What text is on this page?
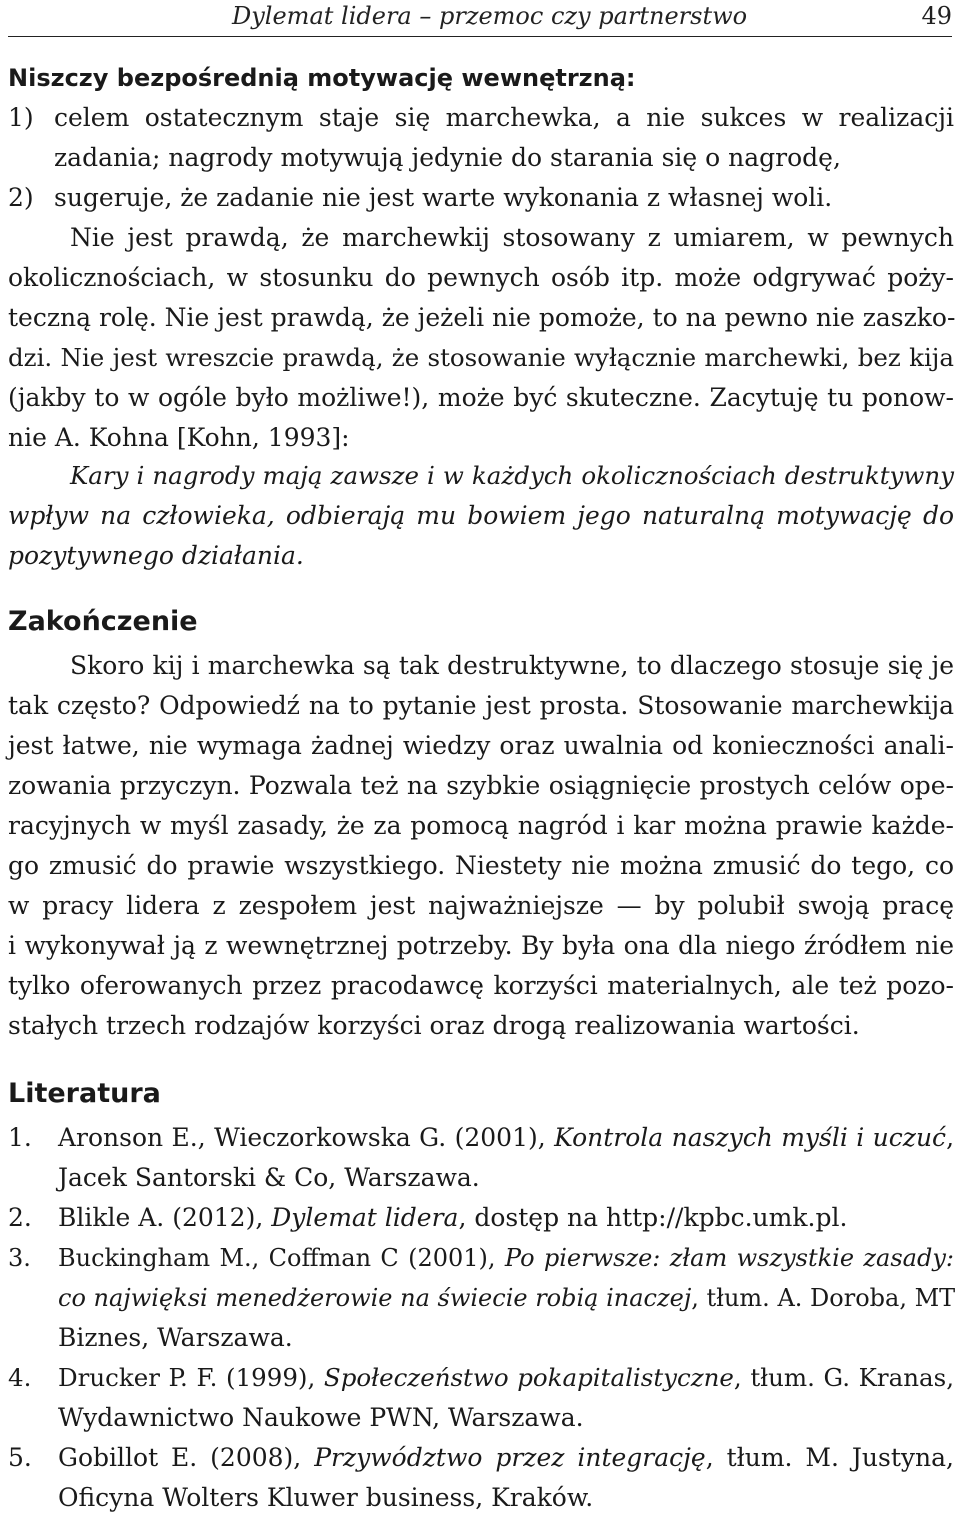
Dylemat lidera – przemoc czy partnerstwo	49
Niszczy bezpośrednią motywację wewnętrzną:
1) celem ostatecznym staje się marchewka, a nie sukces w realizacji
zadania; nagrody motywują jedynie do starania się o nagrodę,
2) sugeruje, że zadanie nie jest warte wykonania z własnej woli.
Nie jest prawdą, że marchewkij stosowany z umiarem, w pewnych
okolicznościach, w stosunku do pewnych osób itp. może odgrywać poży-
teczną rolę. Nie jest prawdą, że jeżeli nie pomoże, to na pewno nie zaszko-
dzi. Nie jest wreszcie prawdą, że stosowanie wyłącznie marchewki, bez kija
(jakby to w ogóle było możliwe!), może być skuteczne. Zacytuję tu ponow-
nie A. Kohna [Kohn, 1993]:
Kary i nagrody mają zawsze i w każdych okolicznościach destruktywny
wpływ na człowieka, odbierają mu bowiem jego naturalną motywację do
pozytywnego działania.
Zakończenie
Skoro kij i marchewka są tak destruktywne, to dlaczego stosuje się je
tak często? Odpowiedź na to pytanie jest prosta. Stosowanie marchewkija
jest łatwe, nie wymaga żadnej wiedzy oraz uwalnia od konieczności anali-
zowania przyczyn. Pozwala też na szybkie osiągnięcie prostych celów ope-
racyjnych w myśl zasady, że za pomocą nagród i kar można prawie każde-
go zmusić do prawie wszystkiego. Niestety nie można zmusić do tego, co
w pracy lidera z zespołem jest najważniejsze — by polubił swoją pracę
i wykonywał ją z wewnętrznej potrzeby. By była ona dla niego źródłem nie
tylko oferowanych przez pracodawcę korzyści materialnych, ale też pozo-
stałych trzech rodzajów korzyści oraz drogą realizowania wartości.
Literatura
1. Aronson E., Wieczorkowska G. (2001), Kontrola naszych myśli i uczuć,
Jacek Santorski & Co, Warszawa.
2. Blikle A. (2012), Dylemat lidera, dostęp na http://kpbc.umk.pl.
3. Buckingham M., Coffman C (2001), Po pierwsze: złam wszystkie zasady:
co najwięksi menedżerowie na świecie robią inaczej, tłum. A. Doroba, MT
Biznes, Warszawa.
4. Drucker P. F. (1999), Społeczeństwo pokapitalistyczne, tłum. G. Kranas,
Wydawnictwo Naukowe PWN, Warszawa.
5. Gobillot E. (2008), Przywództwo przez integrację, tłum. M. Justyna,
Oficyna Wolters Kluwer business, Kraków.
